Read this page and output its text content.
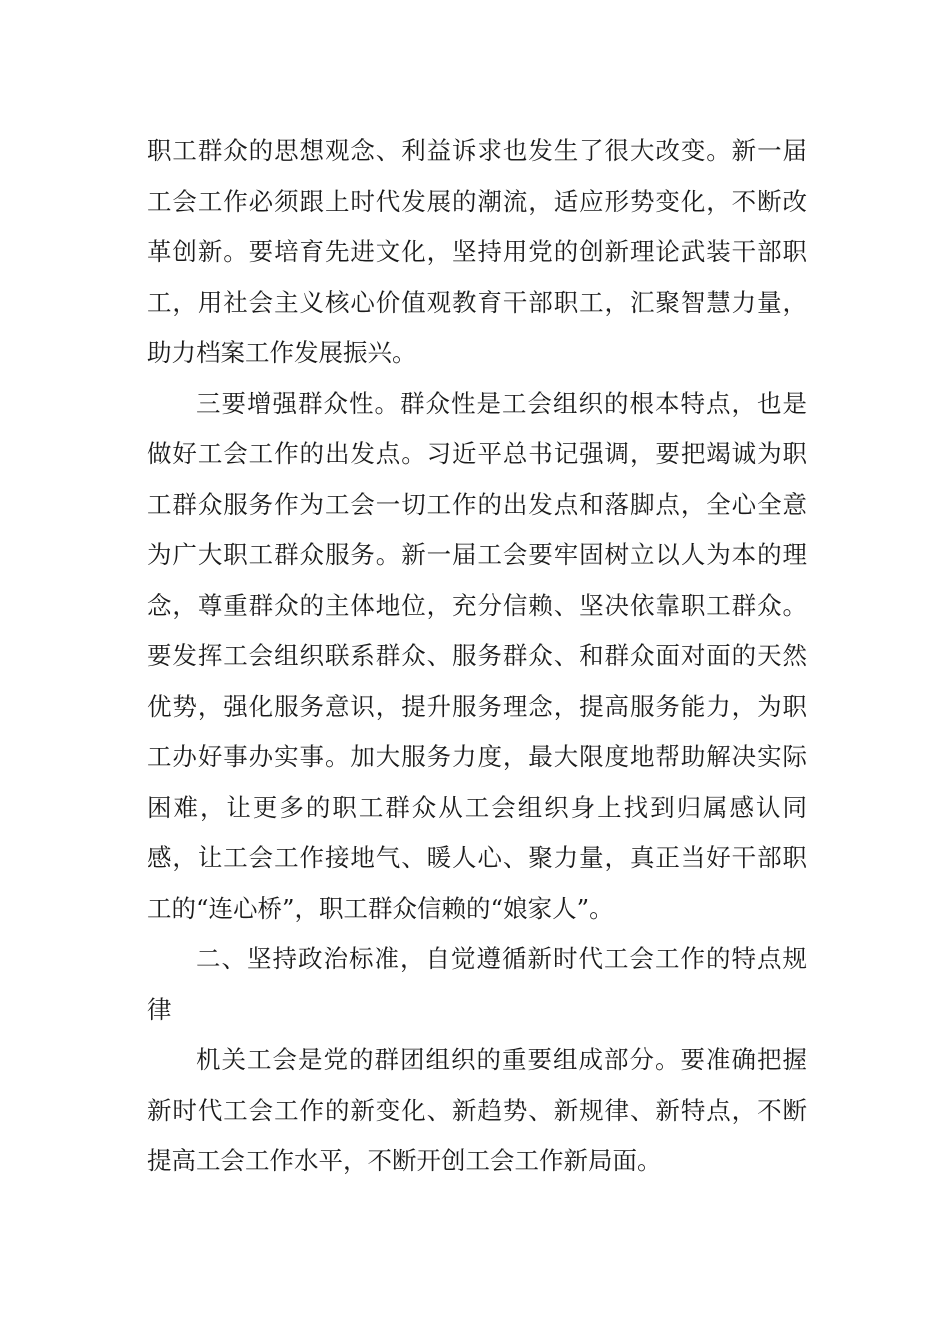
职工群众的思想观念、利益诉求也发生了很大改变。新一届工会工作必须跟上时代发展的潮流，适应形势变化，不断改革创新。要培育先进文化，坚持用党的创新理论武装干部职工，用社会主义核心价值观教育干部职工，汇聚智慧力量，助力档案工作发展振兴。

三要增强群众性。群众性是工会组织的根本特点，也是做好工会工作的出发点。习近平总书记强调，要把竭诚为职工群众服务作为工会一切工作的出发点和落脚点，全心全意为广大职工群众服务。新一届工会要牢固树立以人为本的理念，尊重群众的主体地位，充分信赖、坚决依靠职工群众。要发挥工会组织联系群众、服务群众、和群众面对面的天然优势，强化服务意识，提升服务理念，提高服务能力，为职工办好事办实事。加大服务力度，最大限度地帮助解决实际困难，让更多的职工群众从工会组织身上找到归属感认同感，让工会工作接地气、暖人心、聚力量，真正当好干部职工的“连心桥”，职工群众信赖的“娘家人”。

二、坚持政治标准，自觉遵循新时代工会工作的特点规律

机关工会是党的群团组织的重要组成部分。要准确把握新时代工会工作的新变化、新趋势、新规律、新特点，不断提高工会工作水平，不断开创工会工作新局面。
